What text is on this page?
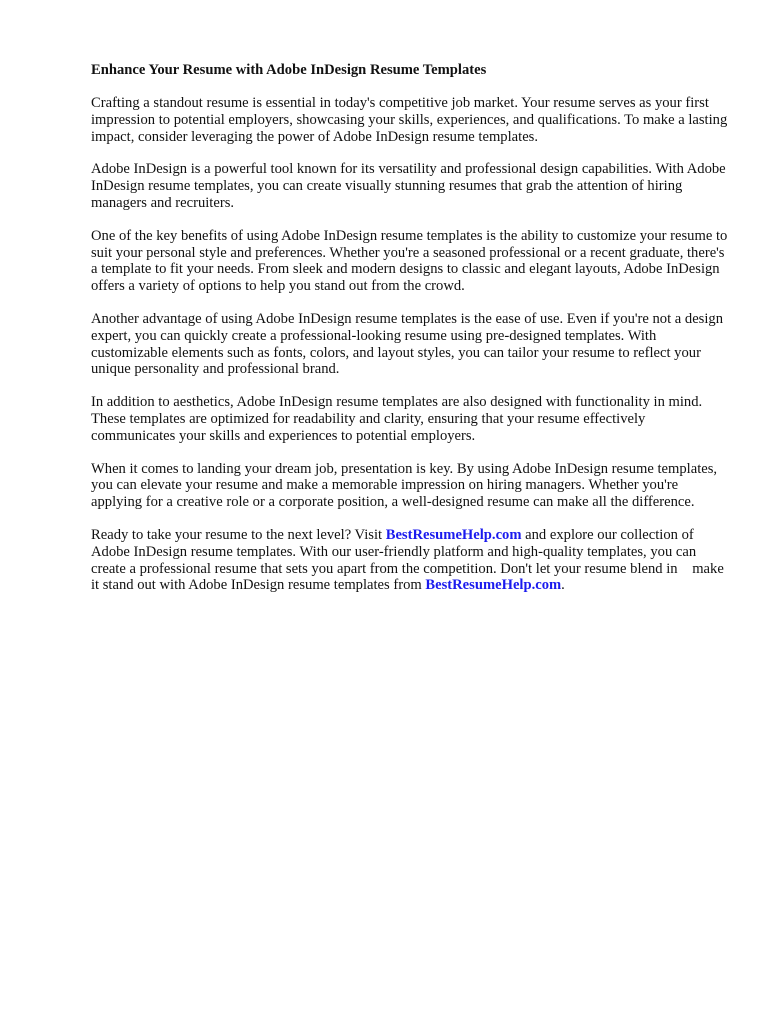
Enhance Your Resume with Adobe InDesign Resume Templates

Crafting a standout resume is essential in today's competitive job market. Your resume serves as your first impression to potential employers, showcasing your skills, experiences, and qualifications. To make a lasting impact, consider leveraging the power of Adobe InDesign resume templates.

Adobe InDesign is a powerful tool known for its versatility and professional design capabilities. With Adobe InDesign resume templates, you can create visually stunning resumes that grab the attention of hiring managers and recruiters.

One of the key benefits of using Adobe InDesign resume templates is the ability to customize your resume to suit your personal style and preferences. Whether you're a seasoned professional or a recent graduate, there's a template to fit your needs. From sleek and modern designs to classic and elegant layouts, Adobe InDesign offers a variety of options to help you stand out from the crowd.

Another advantage of using Adobe InDesign resume templates is the ease of use. Even if you're not a design expert, you can quickly create a professional-looking resume using pre-designed templates. With customizable elements such as fonts, colors, and layout styles, you can tailor your resume to reflect your unique personality and professional brand.

In addition to aesthetics, Adobe InDesign resume templates are also designed with functionality in mind. These templates are optimized for readability and clarity, ensuring that your resume effectively communicates your skills and experiences to potential employers.

When it comes to landing your dream job, presentation is key. By using Adobe InDesign resume templates, you can elevate your resume and make a memorable impression on hiring managers. Whether you're applying for a creative role or a corporate position, a well-designed resume can make all the difference.

Ready to take your resume to the next level? Visit BestResumeHelp.com and explore our collection of Adobe InDesign resume templates. With our user-friendly platform and high-quality templates, you can create a professional resume that sets you apart from the competition. Don't let your resume blend in    make it stand out with Adobe InDesign resume templates from BestResumeHelp.com.
